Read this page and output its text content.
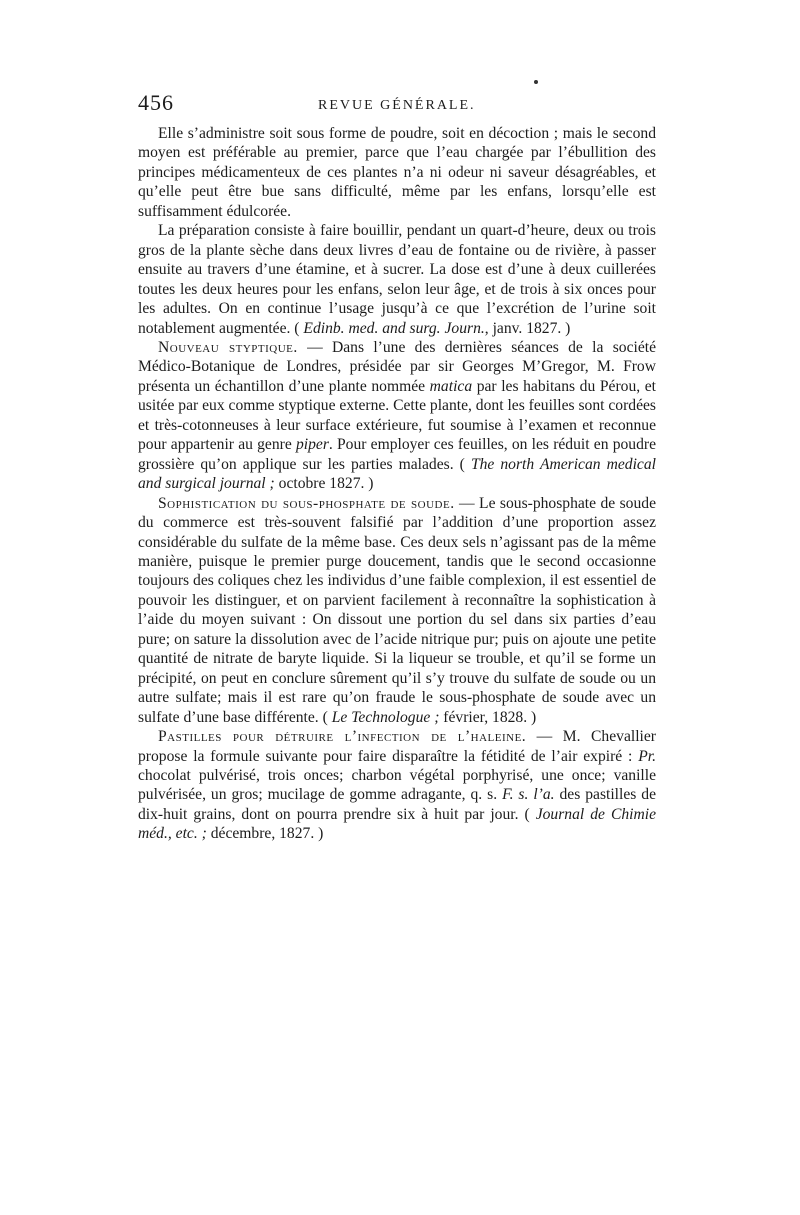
456	REVUE GÉNÉRALE.

Elle s’administre soit sous forme de poudre, soit en décoction ; mais le second moyen est préférable au premier, parce que l’eau chargée par l’ébullition des principes médicamenteux de ces plantes n’a ni odeur ni saveur désagréables, et qu’elle peut être bue sans difficulté, même par les enfans, lorsqu’elle est suffisamment édulcorée.

La préparation consiste à faire bouillir, pendant un quart-d’heure, deux ou trois gros de la plante sèche dans deux livres d’eau de fontaine ou de rivière, à passer ensuite au travers d’une étamine, et à sucrer. La dose est d’une à deux cuillerées toutes les deux heures pour les enfans, selon leur âge, et de trois à six onces pour les adultes. On en continue l’usage jusqu’à ce que l’excrétion de l’urine soit notablement augmentée. ( Edinb. med. and surg. Journ., janv. 1827. )

Nouveau styptique. — Dans l’une des dernières séances de la société Médico-Botanique de Londres, présidée par sir Georges M’Gregor, M. Frow présenta un échantillon d’une plante nommée matica par les habitans du Pérou, et usitée par eux comme styptique externe. Cette plante, dont les feuilles sont cordées et très-cotonneuses à leur surface extérieure, fut soumise à l’examen et reconnue pour appartenir au genre piper. Pour employer ces feuilles, on les réduit en poudre grossière qu’on applique sur les parties malades. ( The north American medical and surgical journal ; octobre 1827. )

Sophistication du sous-phosphate de soude. — Le sous-phosphate de soude du commerce est très-souvent falsifié par l’addition d’une proportion assez considérable du sulfate de la même base. Ces deux sels n’agissant pas de la même manière, puisque le premier purge doucement, tandis que le second occasionne toujours des coliques chez les individus d’une faible complexion, il est essentiel de pouvoir les distinguer, et on parvient facilement à reconnaître la sophistication à l’aide du moyen suivant : On dissout une portion du sel dans six parties d’eau pure; on sature la dissolution avec de l’acide nitrique pur; puis on ajoute une petite quantité de nitrate de baryte liquide. Si la liqueur se trouble, et qu’il se forme un précipité, on peut en conclure sûrement qu’il s’y trouve du sulfate de soude ou un autre sulfate; mais il est rare qu’on fraude le sous-phosphate de soude avec un sulfate d’une base différente. ( Le Technologue ; février, 1828. )

Pastilles pour détruire l’infection de l’haleine. — M. Chevallier propose la formule suivante pour faire disparaître la fétidité de l’air expiré : Pr. chocolat pulvérisé, trois onces; charbon végétal porphyrisé, une once; vanille pulvérisée, un gros; mucilage de gomme adragante, q. s. F. s. l’a. des pastilles de dix-huit grains, dont on pourra prendre six à huit par jour. ( Journal de Chimie méd., etc. ; décembre, 1827. )
